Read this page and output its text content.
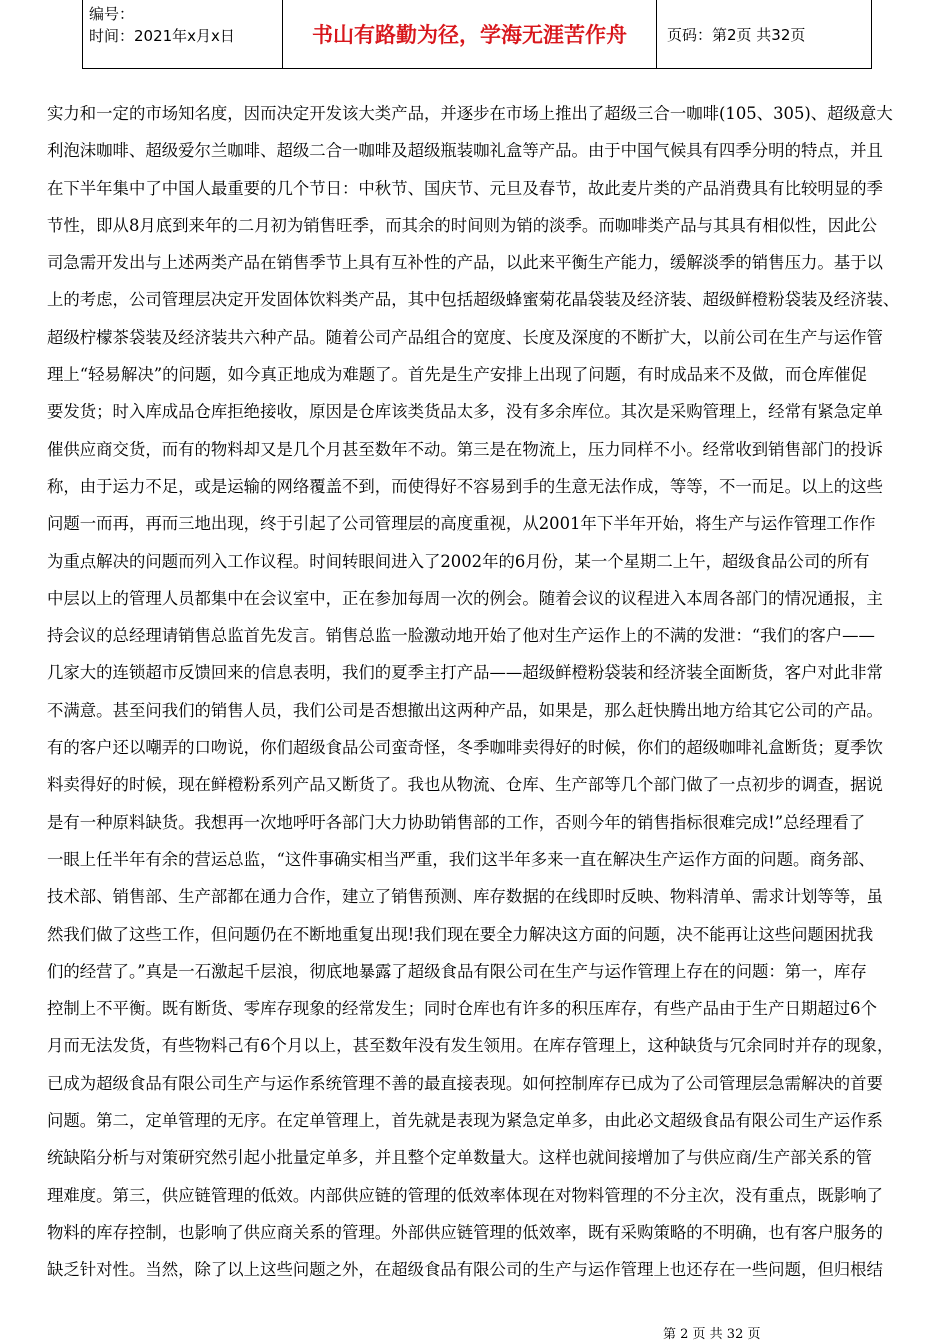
编号：
时间：2021年x月x日	书山有路勤为径，学海无涯苦作舟	页码：第2页 共32页
实力和一定的市场知名度，因而决定开发该大类产品，并逐步在市场上推出了超级三合一咖啡(105、305)、超级意大
利泡沫咖啡、超级爱尔兰咖啡、超级二合一咖啡及超级瓶装咖礼盒等产品。由于中国气候具有四季分明的特点，并且
在下半年集中了中国人最重要的几个节日：中秋节、国庆节、元旦及春节，故此麦片类的产品消费具有比较明显的季
节性，即从8月底到来年的二月初为销售旺季，而其余的时间则为销的淡季。而咖啡类产品与其具有相似性，因此公
司急需开发出与上述两类产品在销售季节上具有互补性的产品，以此来平衡生产能力，缓解淡季的销售压力。基于以
上的考虑，公司管理层决定开发固体饮料类产品，其中包括超级蜂蜜菊花晶袋装及经济装、超级鲜橙粉袋装及经济装、
超级柠檬茶袋装及经济装共六种产品。随着公司产品组合的宽度、长度及深度的不断扩大，以前公司在生产与运作管
理上“轻易解决”的问题，如今真正地成为难题了。首先是生产安排上出现了问题，有时成品来不及做，而仓库催促
要发货；时入库成品仓库拒绝接收，原因是仓库该类货品太多，没有多余库位。其次是采购管理上，经常有紧急定单
催供应商交货，而有的物料却又是几个月甚至数年不动。第三是在物流上，压力同样不小。经常收到销售部门的投诉
称，由于运力不足，或是运输的网络覆盖不到，而使得好不容易到手的生意无法作成，等等，不一而足。以上的这些
问题一而再，再而三地出现，终于引起了公司管理层的高度重视，从2001年下半年开始，将生产与运作管理工作作
为重点解决的问题而列入工作议程。时间转眼间进入了2002年的6月份，某一个星期二上午，超级食品公司的所有
中层以上的管理人员都集中在会议室中，正在参加每周一次的例会。随着会议的议程进入本周各部门的情况通报，主
持会议的总经理请销售总监首先发言。销售总监一脸激动地开始了他对生产运作上的不满的发泄：“我们的客户——
几家大的连锁超市反馈回来的信息表明，我们的夏季主打产品——超级鲜橙粉袋装和经济装全面断货，客户对此非常
不满意。甚至问我们的销售人员，我们公司是否想撤出这两种产品，如果是，那么赶快腾出地方给其它公司的产品。
有的客户还以嘲弄的口吻说，你们超级食品公司蛮奇怪，冬季咖啡卖得好的时候，你们的超级咖啡礼盒断货；夏季饮
料卖得好的时候，现在鲜橙粉系列产品又断货了。我也从物流、仓库、生产部等几个部门做了一点初步的调查，据说
是有一种原料缺货。我想再一次地呼吁各部门大力协助销售部的工作，否则今年的销售指标很难完成!”总经理看了
一眼上任半年有余的营运总监，“这件事确实相当严重，我们这半年多来一直在解决生产运作方面的问题。商务部、
技术部、销售部、生产部都在通力合作，建立了销售预测、库存数据的在线即时反映、物料清单、需求计划等等，虽
然我们做了这些工作，但问题仍在不断地重复出现!我们现在要全力解决这方面的问题，决不能再让这些问题困扰我
们的经营了。”真是一石激起千层浪，彻底地暴露了超级食品有限公司在生产与运作管理上存在的问题：第一，库存
控制上不平衡。既有断货、零库存现象的经常发生；同时仓库也有许多的积压库存，有些产品由于生产日期超过6个
月而无法发货，有些物料己有6个月以上，甚至数年没有发生领用。在库存管理上，这种缺货与冗余同时并存的现象，
已成为超级食品有限公司生产与运作系统管理不善的最直接表现。如何控制库存已成为了公司管理层急需解决的首要
问题。第二，定单管理的无序。在定单管理上，首先就是表现为紧急定单多，由此必文超级食品有限公司生产运作系
统缺陷分析与对策研究然引起小批量定单多，并且整个定单数量大。这样也就间接增加了与供应商/生产部关系的管
理难度。第三，供应链管理的低效。内部供应链的管理的低效率体现在对物料管理的不分主次，没有重点，既影响了
物料的库存控制，也影响了供应商关系的管理。外部供应链管理的低效率，既有采购策略的不明确，也有客户服务的
缺乏针对性。当然，除了以上这些问题之外，在超级食品有限公司的生产与运作管理上也还存在一些问题，但归根结
第 2 页 共 32 页
